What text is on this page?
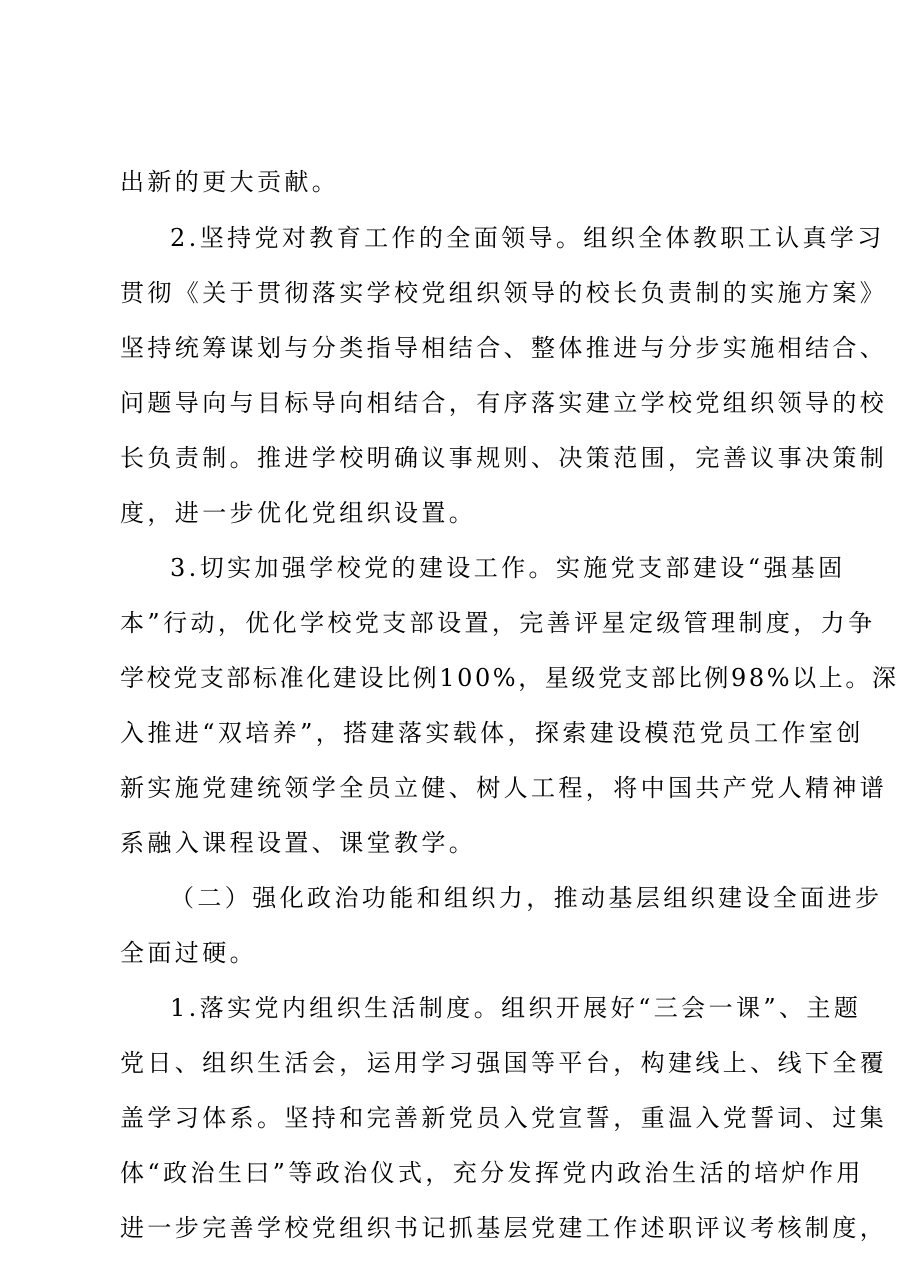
出新的更大贡献。

2.坚持党对教育工作的全面领导。组织全体教职工认真学习

贯彻《关于贯彻落实学校党组织领导的校长负责制的实施方案》

坚持统筹谋划与分类指导相结合、整体推进与分步实施相结合、

问题导向与目标导向相结合，有序落实建立学校党组织领导的校

长负责制。推进学校明确议事规则、决策范围，完善议事决策制

度，进一步优化党组织设置。

3.切实加强学校党的建设工作。实施党支部建设“强基固

本”行动，优化学校党支部设置，完善评星定级管理制度，力争

学校党支部标准化建设比例100%，星级党支部比例98%以上。深

入推进“双培养”，搭建落实载体，探索建设模范党员工作室创

新实施党建统领学全员立健、树人工程，将中国共产党人精神谱

系融入课程设置、课堂教学。

（二）强化政治功能和组织力，推动基层组织建设全面进步

全面过硬。

1.落实党内组织生活制度。组织开展好“三会一课”、主题

党日、组织生活会，运用学习强国等平台，构建线上、线下全覆

盖学习体系。坚持和完善新党员入党宣誓，重温入党誓词、过集

体“政治生曰”等政治仪式，充分发挥党内政治生活的培炉作用

进一步完善学校党组织书记抓基层党建工作述职评议考核制度，
